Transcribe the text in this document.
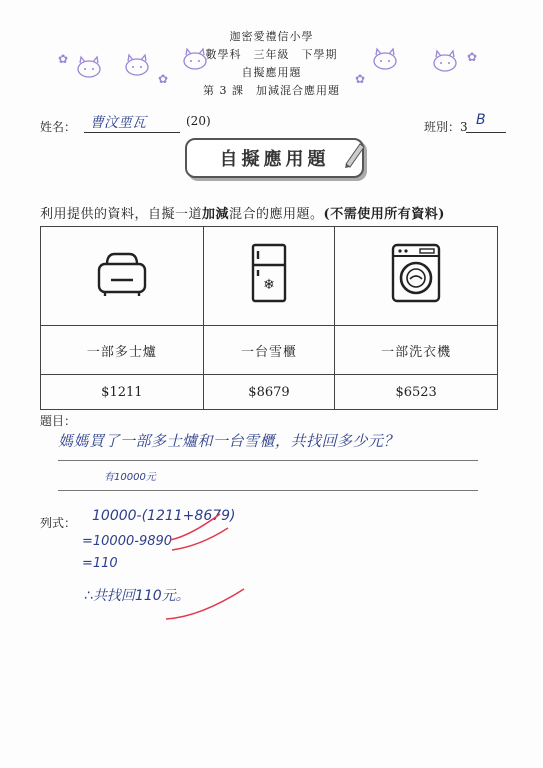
✿
✿	✿
✿
迦密愛禮信小學
數學科　三年級　下學期
自擬應用題
第 3 課　加減混合應用題
姓名： 曹汶垔瓦	(20)	班別：3 B
自擬應用題
利用提供的資料，自擬一道加減混合的應用題。(不需使用所有資料)

❄

一部多士爐	一台雪櫃	一部洗衣機
$1211	$8679	$6523
題目：
媽媽買了一部多士爐和一台雪櫃，共找回多少元？
有10000元
列式： 10000-(1211+8679)
=10000-9890
=110
∴共找回110元。
